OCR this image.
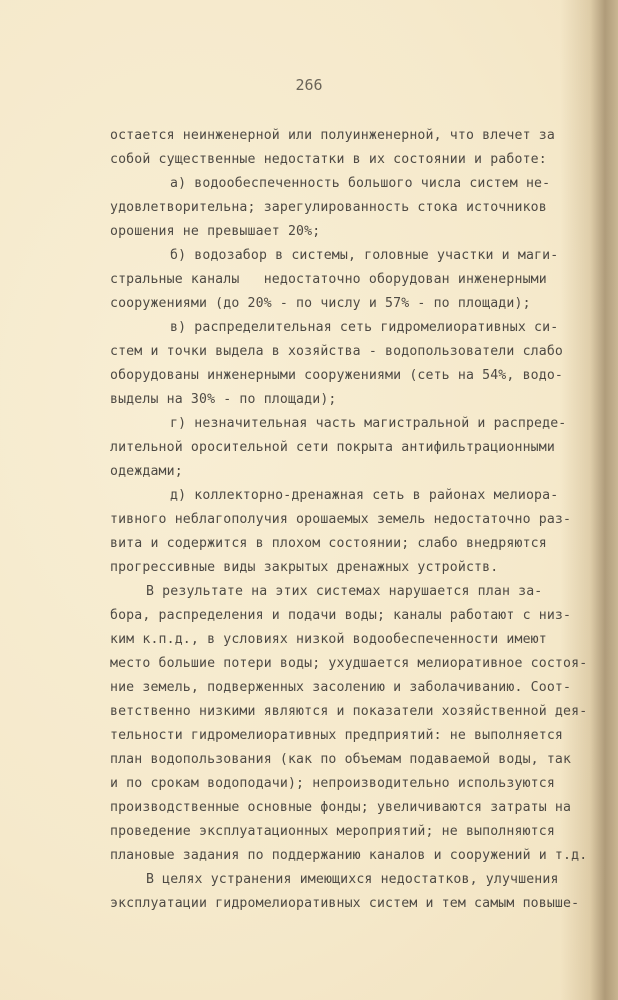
266
остается неинженерной или полуинженерной, что влечет за
собой существенные недостатки в их состоянии и работе:
а) водообеспеченность большого числа систем не-
удовлетворительна; зарегулированность стока источников
орошения не превышает 20%;
б) водозабор в системы, головные участки и маги-
стральные каналы   недостаточно оборудован инженерными
сооружениями (до 20% - по числу и 57% - по площади);
в) распределительная сеть гидромелиоративных си-
стем и точки выдела в хозяйства - водопользователи слабо
оборудованы инженерными сооружениями (сеть на 54%, водо-
выделы на 30% - по площади);
г) незначительная часть магистральной и распреде-
лительной оросительной сети покрыта антифильтрационными
одеждами;
д) коллекторно-дренажная сеть в районах мелиора-
тивного неблагополучия орошаемых земель недостаточно раз-
вита и содержится в плохом состоянии; слабо внедряются
прогрессивные виды закрытых дренажных устройств.
В результате на этих системах нарушается план за-
бора, распределения и подачи воды; каналы работают с низ-
ким к.п.д., в условиях низкой водообеспеченности имеют
место большие потери воды; ухудшается мелиоративное состоя-
ние земель, подверженных засолению и заболачиванию. Соот-
ветственно низкими являются и показатели хозяйственной дея-
тельности гидромелиоративных предприятий: не выполняется
план водопользования (как по объемам подаваемой воды, так
и по срокам водоподачи); непроизводительно используются
производственные основные фонды; увеличиваются затраты на
проведение эксплуатационных мероприятий; не выполняются
плановые задания по поддержанию каналов и сооружений и т.д.
В целях устранения имеющихся недостатков, улучшения
эксплуатации гидромелиоративных систем и тем самым повыше-
